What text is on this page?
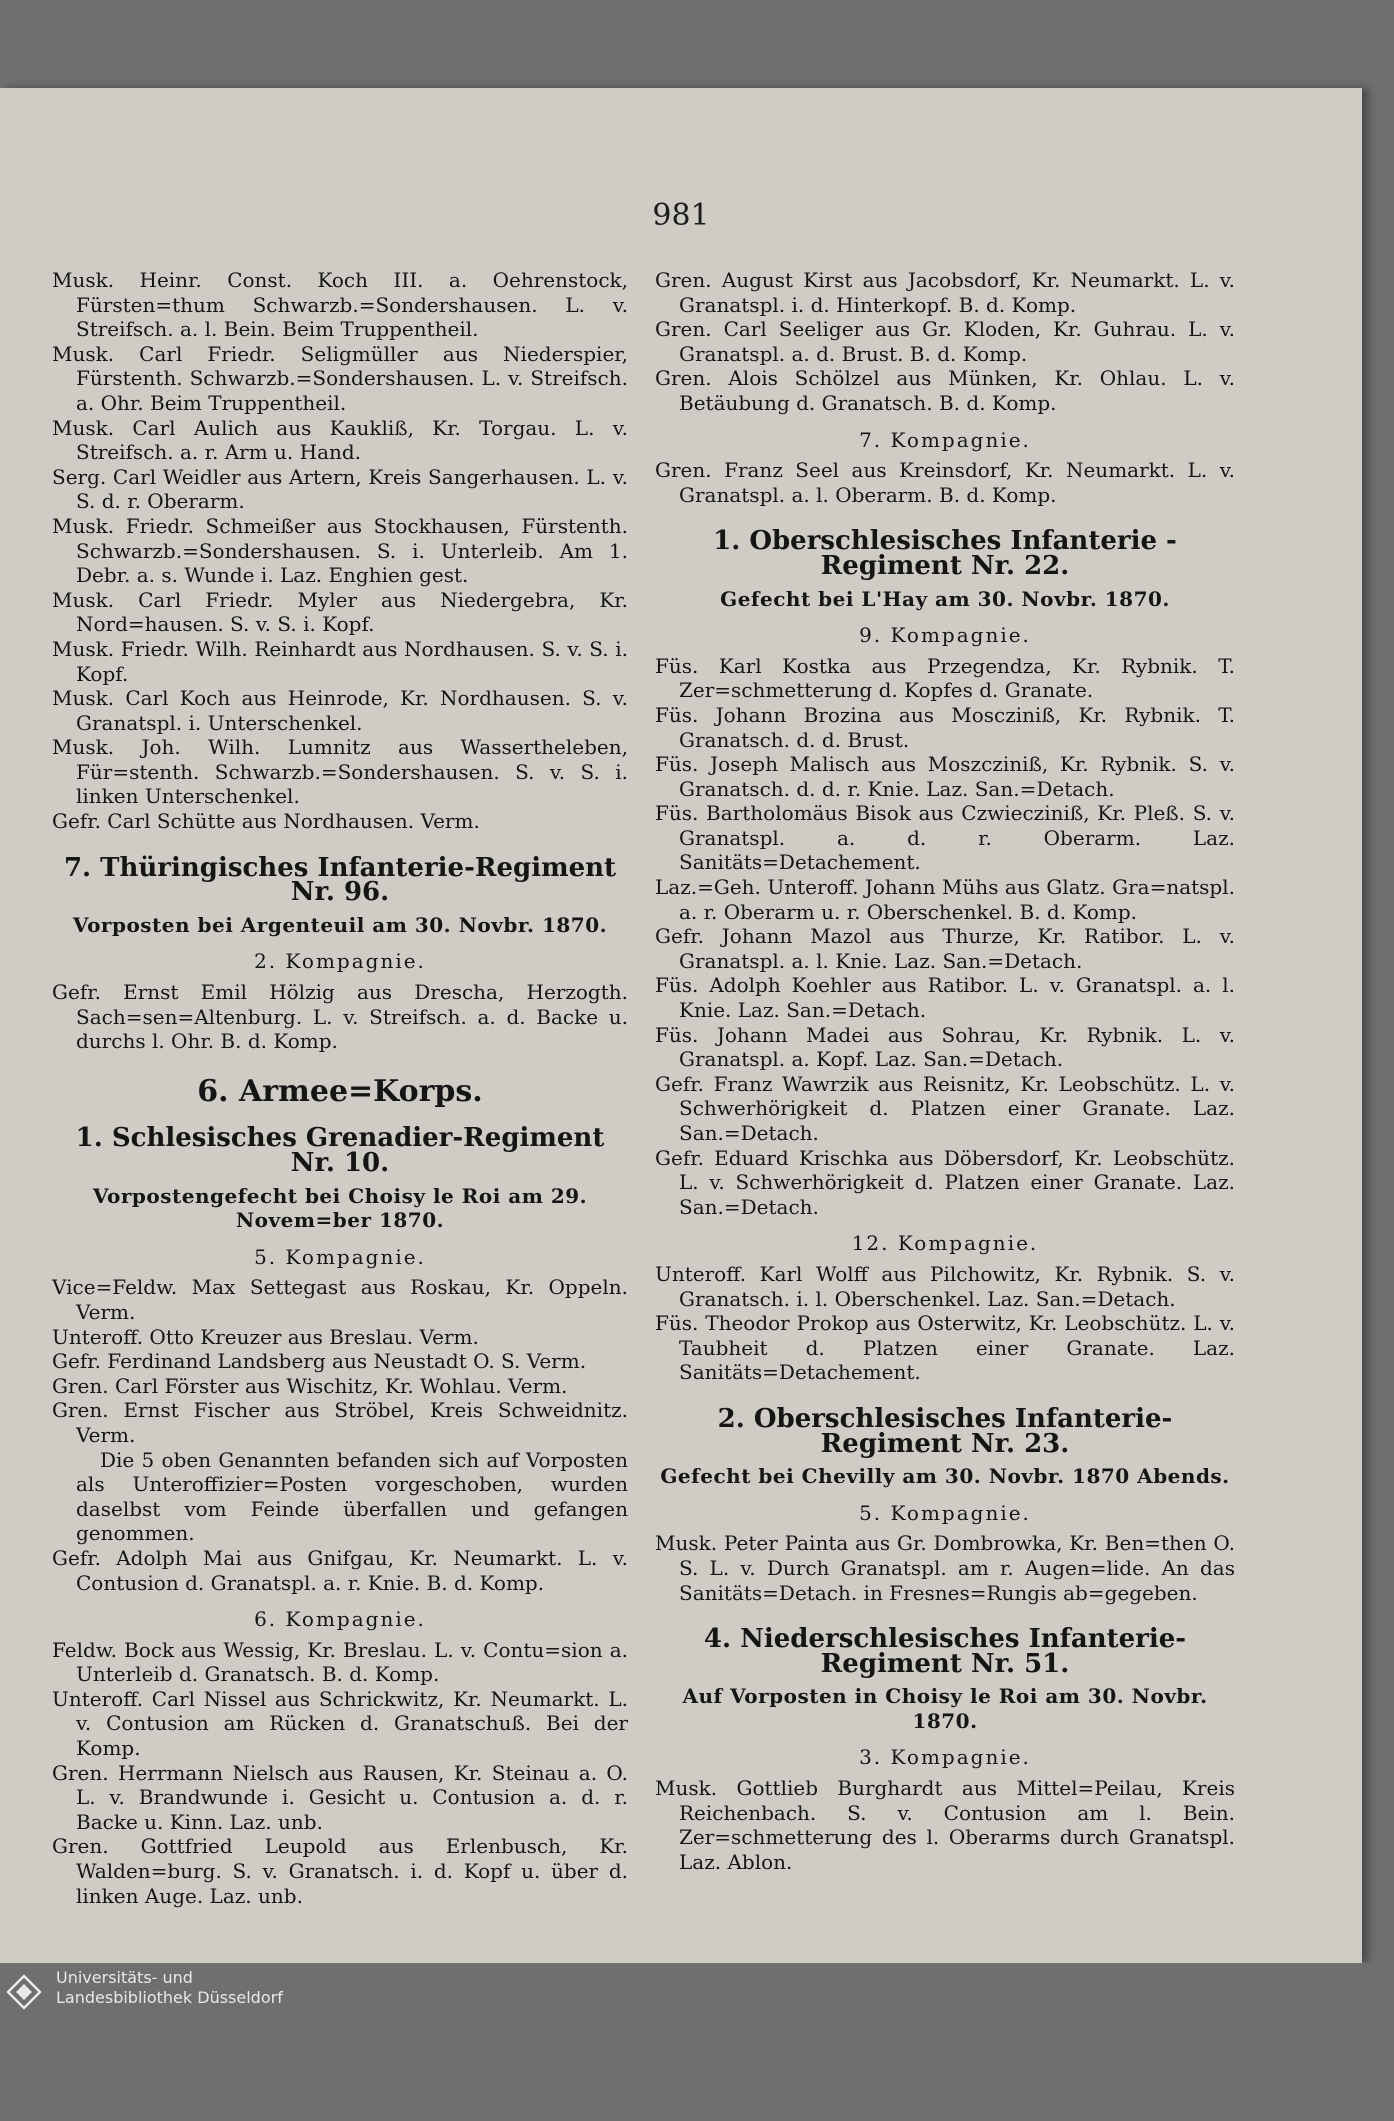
981
Musk. Heinr. Const. Koch III. a. Oehrenstock, Fürsten=thum Schwarzb.=Sondershausen. L. v. Streifsch. a. l. Bein. Beim Truppentheil.
Musk. Carl Friedr. Seligmüller aus Niederspier, Fürstenth. Schwarzb.=Sondershausen. L. v. Streifsch. a. Ohr. Beim Truppentheil.
Musk. Carl Aulich aus Kaukliß, Kr. Torgau. L. v. Streifsch. a. r. Arm u. Hand.
Serg. Carl Weidler aus Artern, Kreis Sangerhausen. L. v. S. d. r. Oberarm.
Musk. Friedr. Schmeißer aus Stockhausen, Fürstenth. Schwarzb.=Sondershausen. S. i. Unterleib. Am 1. Debr. a. s. Wunde i. Laz. Enghien gest.
Musk. Carl Friedr. Myler aus Niedergebra, Kr. Nord=hausen. S. v. S. i. Kopf.
Musk. Friedr. Wilh. Reinhardt aus Nordhausen. S. v. S. i. Kopf.
Musk. Carl Koch aus Heinrode, Kr. Nordhausen. S. v. Granatspl. i. Unterschenkel.
Musk. Joh. Wilh. Lumnitz aus Wassertheleben, Für=stenth. Schwarzb.=Sondershausen. S. v. S. i. linken Unterschenkel.
Gefr. Carl Schütte aus Nordhausen. Verm.
7. Thüringisches Infanterie-Regiment Nr. 96.
Vorposten bei Argenteuil am 30. Novbr. 1870.
2. Kompagnie.
Gefr. Ernst Emil Hölzig aus Drescha, Herzogth. Sach=sen=Altenburg. L. v. Streifsch. a. d. Backe u. durchs l. Ohr. B. d. Komp.
6. Armee=Korps.
1. Schlesisches Grenadier-Regiment Nr. 10.
Vorpostengefecht bei Choisy le Roi am 29. Novem=ber 1870.
5. Kompagnie.
Vice=Feldw. Max Settegast aus Roskau, Kr. Oppeln. Verm.
Unteroff. Otto Kreuzer aus Breslau. Verm.
Gefr. Ferdinand Landsberg aus Neustadt O. S. Verm.
Gren. Carl Förster aus Wischitz, Kr. Wohlau. Verm.
Gren. Ernst Fischer aus Ströbel, Kreis Schweidnitz. Verm.
Die 5 oben Genannten befanden sich auf Vorposten als Unteroffizier=Posten vorgeschoben, wurden daselbst vom Feinde überfallen und gefangen genommen.
Gefr. Adolph Mai aus Gnifgau, Kr. Neumarkt. L. v. Contusion d. Granatspl. a. r. Knie. B. d. Komp.
6. Kompagnie.
Feldw. Bock aus Wessig, Kr. Breslau. L. v. Contu=sion a. Unterleib d. Granatsch. B. d. Komp.
Unteroff. Carl Nissel aus Schrickwitz, Kr. Neumarkt. L. v. Contusion am Rücken d. Granatschuß. Bei der Komp.
Gren. Herrmann Nielsch aus Rausen, Kr. Steinau a. O. L. v. Brandwunde i. Gesicht u. Contusion a. d. r. Backe u. Kinn. Laz. unb.
Gren. Gottfried Leupold aus Erlenbusch, Kr. Walden=burg. S. v. Granatsch. i. d. Kopf u. über d. linken Auge. Laz. unb.
Gren. August Kirst aus Jacobsdorf, Kr. Neumarkt. L. v. Granatspl. i. d. Hinterkopf. B. d. Komp.
Gren. Carl Seeliger aus Gr. Kloden, Kr. Guhrau. L. v. Granatspl. a. d. Brust. B. d. Komp.
Gren. Alois Schölzel aus Münken, Kr. Ohlau. L. v. Betäubung d. Granatsch. B. d. Komp.
7. Kompagnie.
Gren. Franz Seel aus Kreinsdorf, Kr. Neumarkt. L. v. Granatspl. a. l. Oberarm. B. d. Komp.
1. Oberschlesisches Infanterie - Regiment Nr. 22.
Gefecht bei L'Hay am 30. Novbr. 1870.
9. Kompagnie.
Füs. Karl Kostka aus Przegendza, Kr. Rybnik. T. Zer=schmetterung d. Kopfes d. Granate.
Füs. Johann Brozina aus Moscziniß, Kr. Rybnik. T. Granatsch. d. d. Brust.
Füs. Joseph Malisch aus Moszcziniß, Kr. Rybnik. S. v. Granatsch. d. d. r. Knie. Laz. San.=Detach.
Füs. Bartholomäus Bisok aus Czwiecziniß, Kr. Pleß. S. v. Granatspl. a. d. r. Oberarm. Laz. Sanitäts=Detachement.
Laz.=Geh. Unteroff. Johann Mühs aus Glatz. Gra=natspl. a. r. Oberarm u. r. Oberschenkel. B. d. Komp.
Gefr. Johann Mazol aus Thurze, Kr. Ratibor. L. v. Granatspl. a. l. Knie. Laz. San.=Detach.
Füs. Adolph Koehler aus Ratibor. L. v. Granatspl. a. l. Knie. Laz. San.=Detach.
Füs. Johann Madei aus Sohrau, Kr. Rybnik. L. v. Granatspl. a. Kopf. Laz. San.=Detach.
Gefr. Franz Wawrzik aus Reisnitz, Kr. Leobschütz. L. v. Schwerhörigkeit d. Platzen einer Granate. Laz. San.=Detach.
Gefr. Eduard Krischka aus Döbersdorf, Kr. Leobschütz. L. v. Schwerhörigkeit d. Platzen einer Granate. Laz. San.=Detach.
12. Kompagnie.
Unteroff. Karl Wolff aus Pilchowitz, Kr. Rybnik. S. v. Granatsch. i. l. Oberschenkel. Laz. San.=Detach.
Füs. Theodor Prokop aus Osterwitz, Kr. Leobschütz. L. v. Taubheit d. Platzen einer Granate. Laz. Sanitäts=Detachement.
2. Oberschlesisches Infanterie-Regiment Nr. 23.
Gefecht bei Chevilly am 30. Novbr. 1870 Abends.
5. Kompagnie.
Musk. Peter Painta aus Gr. Dombrowka, Kr. Ben=then O. S. L. v. Durch Granatspl. am r. Augen=lide. An das Sanitäts=Detach. in Fresnes=Rungis ab=gegeben.
4. Niederschlesisches Infanterie-Regiment Nr. 51.
Auf Vorposten in Choisy le Roi am 30. Novbr. 1870.
3. Kompagnie.
Musk. Gottlieb Burghardt aus Mittel=Peilau, Kreis Reichenbach. S. v. Contusion am l. Bein. Zer=schmetterung des l. Oberarms durch Granatspl. Laz. Ablon.
Universitäts- und
Landesbibliothek Düsseldorf
